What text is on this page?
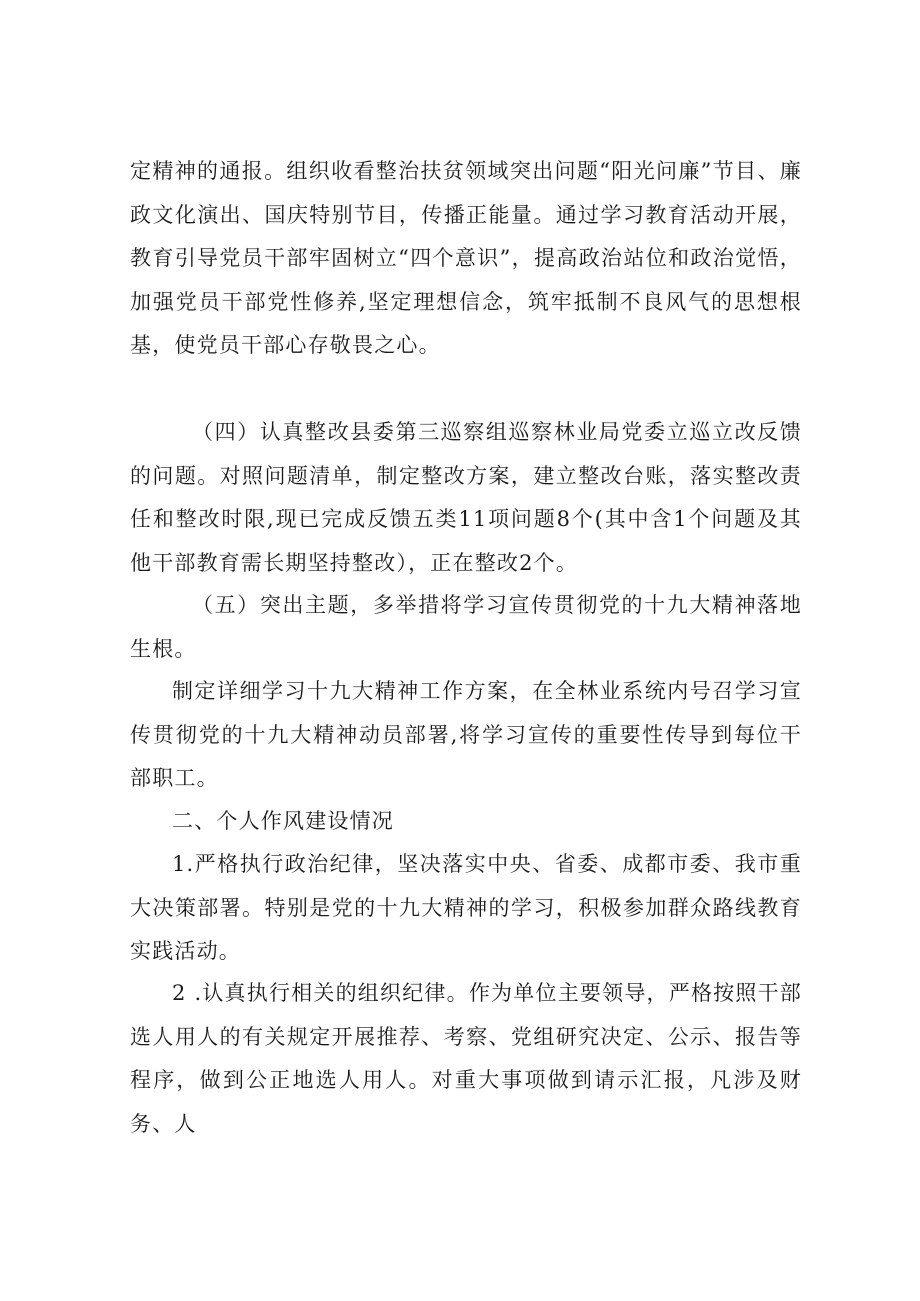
定精神的通报。组织收看整治扶贫领域突出问题“阳光问廉”节目、廉政文化演出、国庆特别节目，传播正能量。通过学习教育活动开展，教育引导党员干部牢固树立“四个意识”，提高政治站位和政治觉悟，加强党员干部党性修养,坚定理想信念，筑牢抵制不良风气的思想根基，使党员干部心存敬畏之心。

（四）认真整改县委第三巡察组巡察林业局党委立巡立改反馈的问题。对照问题清单，制定整改方案，建立整改台账，落实整改责任和整改时限,现已完成反馈五类11项问题8个(其中含1个问题及其他干部教育需长期坚持整改），正在整改2个。

（五）突出主题，多举措将学习宣传贯彻党的十九大精神落地生根。

制定详细学习十九大精神工作方案，在全林业系统内号召学习宣传贯彻党的十九大精神动员部署,将学习宣传的重要性传导到每位干部职工。

二、个人作风建设情况

1.严格执行政治纪律，坚决落实中央、省委、成都市委、我市重大决策部署。特别是党的十九大精神的学习，积极参加群众路线教育实践活动。

2 .认真执行相关的组织纪律。作为单位主要领导，严格按照干部选人用人的有关规定开展推荐、考察、党组研究决定、公示、报告等程序，做到公正地选人用人。对重大事项做到请示汇报，凡涉及财务、人
